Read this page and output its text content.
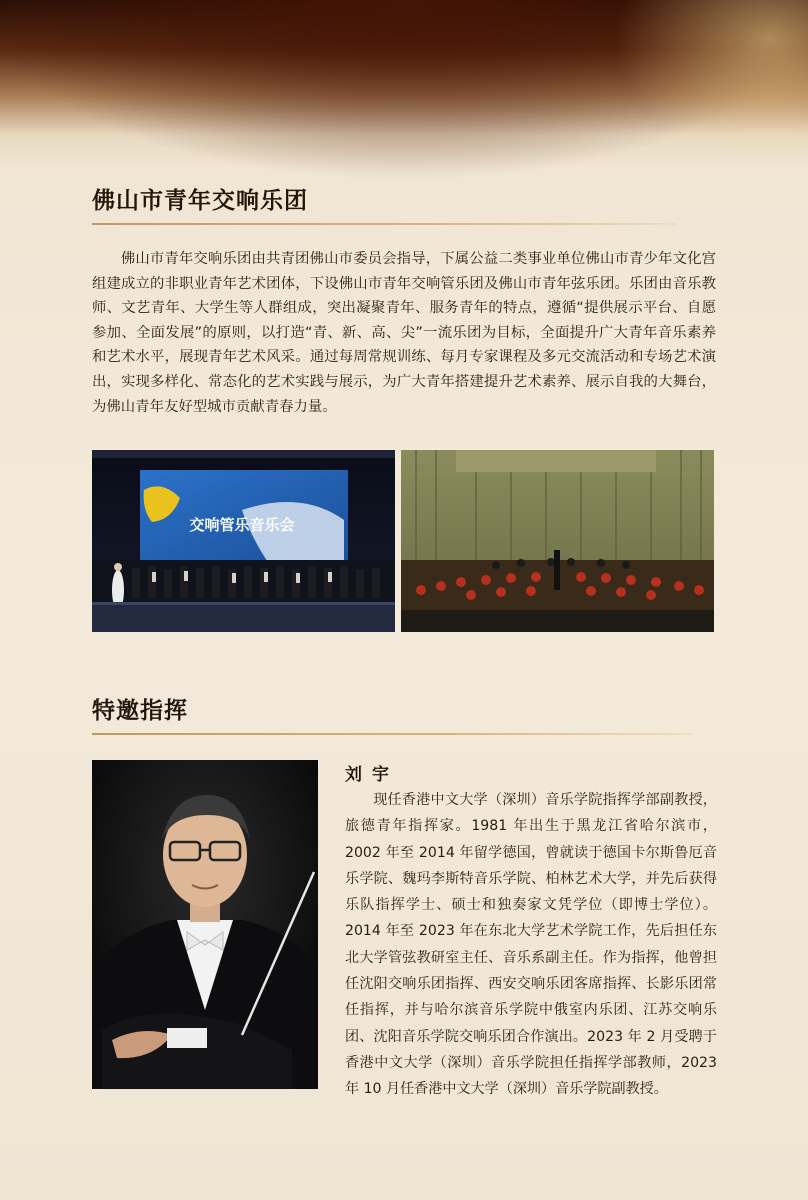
佛山市青年交响乐团

佛山市青年交响乐团由共青团佛山市委员会指导，下属公益二类事业单位佛山市青少年文化宫组建成立的非职业青年艺术团体，下设佛山市青年交响管乐团及佛山市青年弦乐团。乐团由音乐教师、文艺青年、大学生等人群组成，突出凝聚青年、服务青年的特点，遵循“提供展示平台、自愿参加、全面发展”的原则，以打造“青、新、高、尖”一流乐团为目标，全面提升广大青年音乐素养和艺术水平，展现青年艺术风采。通过每周常规训练、每月专家课程及多元交流活动和专场艺术演出，实现多样化、常态化的艺术实践与展示，为广大青年搭建提升艺术素养、展示自我的大舞台，为佛山青年友好型城市贡献青春力量。

交响管乐音乐会
特邀指挥
刘宇

现任香港中文大学（深圳）音乐学院指挥学部副教授，旅德青年指挥家。1981 年出生于黑龙江省哈尔滨市，2002 年至 2014 年留学德国，曾就读于德国卡尔斯鲁厄音乐学院、魏玛李斯特音乐学院、柏林艺术大学，并先后获得乐队指挥学士、硕士和独奏家文凭学位（即博士学位）。2014 年至 2023 年在东北大学艺术学院工作，先后担任东北大学管弦教研室主任、音乐系副主任。作为指挥，他曾担任沈阳交响乐团指挥、西安交响乐团客席指挥、长影乐团常任指挥，并与哈尔滨音乐学院中俄室内乐团、江苏交响乐团、沈阳音乐学院交响乐团合作演出。2023 年 2 月受聘于香港中文大学（深圳）音乐学院担任指挥学部教师，2023 年 10 月任香港中文大学（深圳）音乐学院副教授。
